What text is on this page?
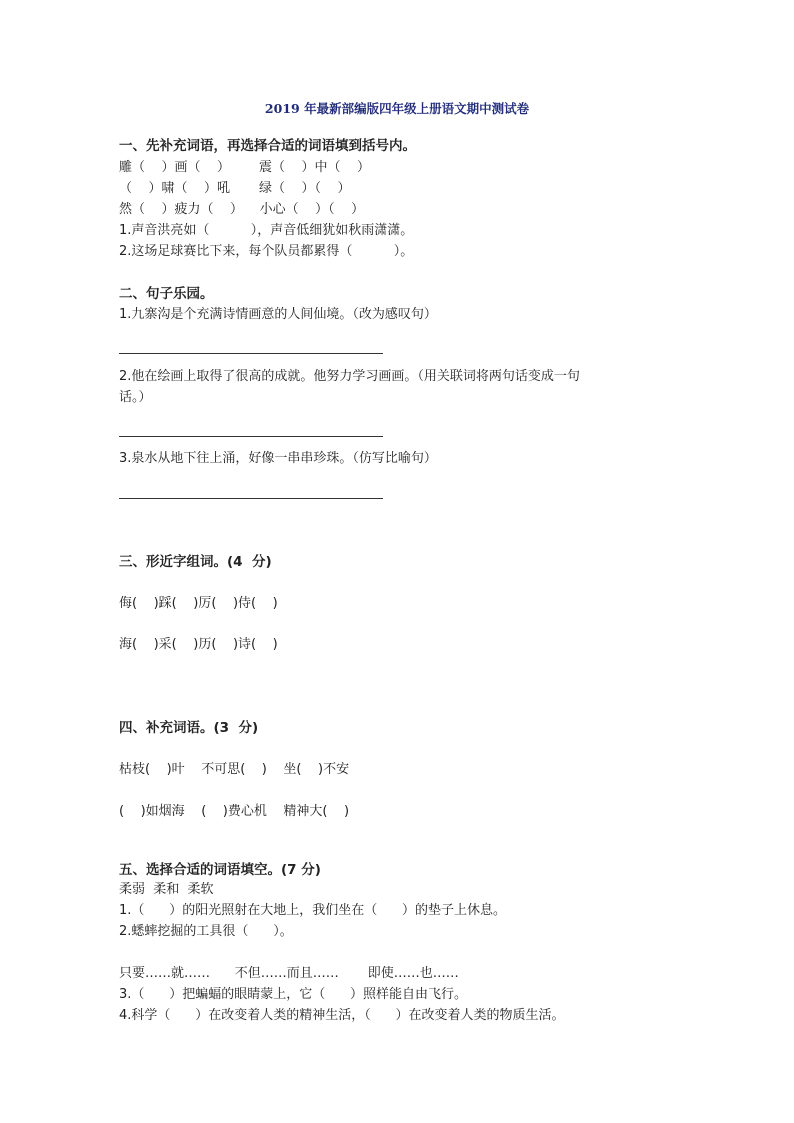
2019 年最新部编版四年级上册语文期中测试卷
一、先补充词语，再选择合适的词语填到括号内。
雕（    ）画（    ）       震（    ）中（    ）
（    ）啸（    ）吼       绿（    ）（    ）
然（    ）疲力（    ）    小心（    ）（    ）
1.声音洪亮如（          ），声音低细犹如秋雨潇潇。
2.这场足球赛比下来，每个队员都累得（          ）。
二、句子乐园。
1.九寨沟是个充满诗情画意的人间仙境。（改为感叹句）
2.他在绘画上取得了很高的成就。他努力学习画画。（用关联词将两句话变成一句
话。）
3.泉水从地下往上涌，好像一串串珍珠。（仿写比喻句）
三、形近字组词。(4  分)
侮(    )踩(    )厉(    )侍(    )
海(    )采(    )历(    )诗(    )
四、补充词语。(3  分)
枯枝(    )叶    不可思(    )    坐(    )不安
(    )如烟海    (    )费心机    精神大(    )
五、选择合适的词语填空。(7 分)
柔弱  柔和  柔软
1.（      ）的阳光照射在大地上，我们坐在（      ）的垫子上休息。
2.蟋蟀挖掘的工具很（      ）。
只要……就……      不但……而且……       即使……也……
3.（      ）把蝙蝠的眼睛蒙上，它（      ）照样能自由飞行。
4.科学（      ）在改变着人类的精神生活，（      ）在改变着人类的物质生活。
